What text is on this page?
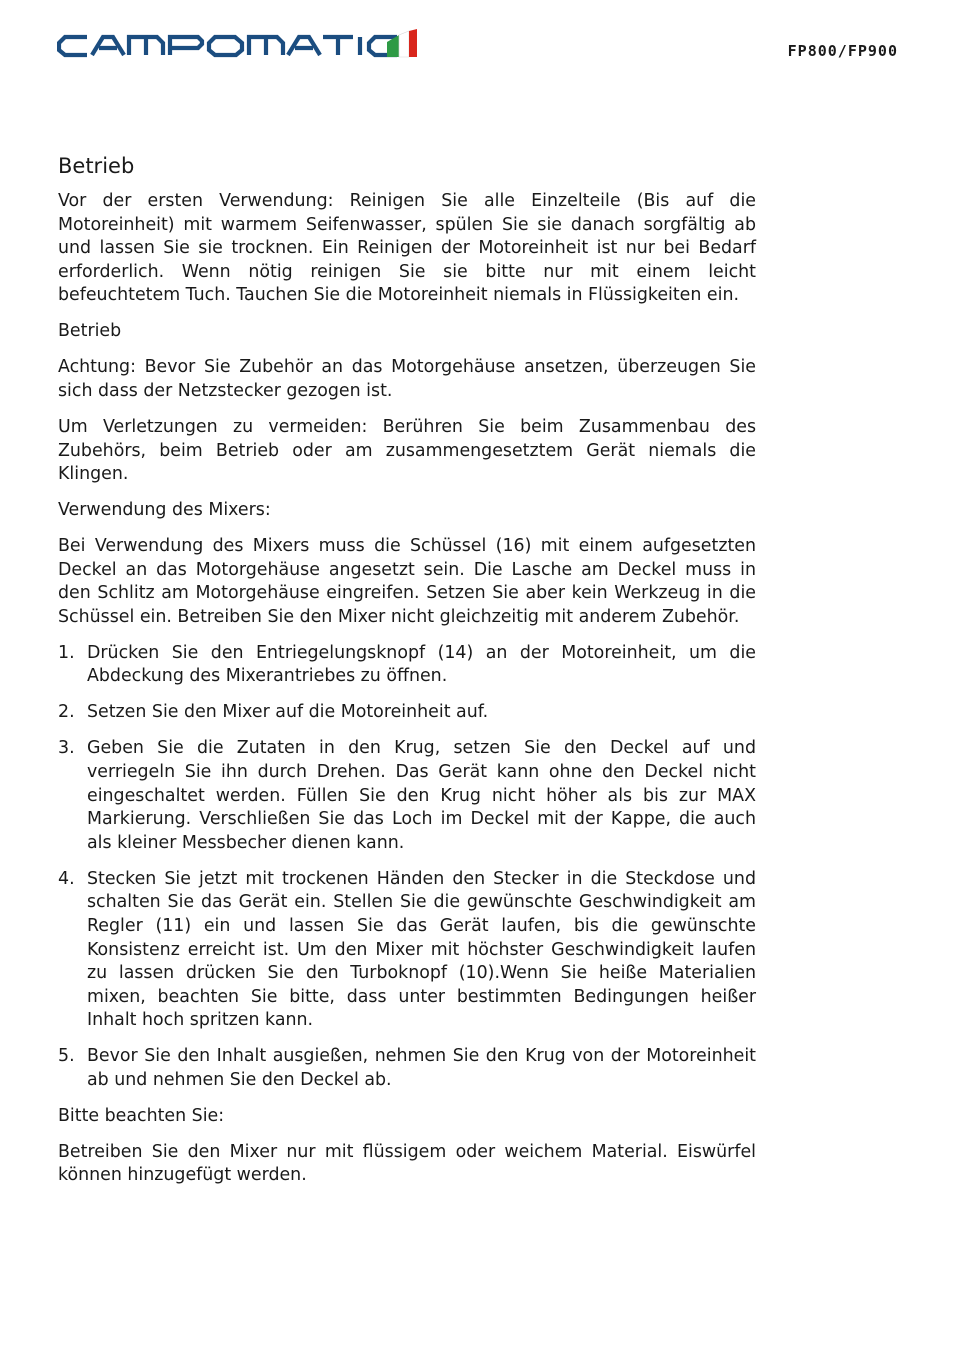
FP800/FP900
Betrieb

Vor der ersten Verwendung: Reinigen Sie alle Einzelteile (Bis auf die Motoreinheit) mit warmem Seifenwasser, spülen Sie sie danach sorgfältig ab und lassen Sie sie trocknen. Ein Reinigen der Motoreinheit ist nur bei Bedarf erforderlich. Wenn nötig reinigen Sie sie bitte nur mit einem leicht befeuchtetem Tuch. Tauchen Sie die Motoreinheit niemals in Flüssigkeiten ein.

Betrieb

Achtung: Bevor Sie Zubehör an das Motorgehäuse ansetzen, überzeugen Sie sich dass der Netzstecker gezogen ist.

Um Verletzungen zu vermeiden: Berühren Sie beim Zusammenbau des Zubehörs, beim Betrieb oder am zusammengesetztem Gerät niemals die Klingen.

Verwendung des Mixers:

Bei Verwendung des Mixers muss die Schüssel (16) mit einem aufgesetzten Deckel an das Motorgehäuse angesetzt sein. Die Lasche am Deckel muss in den Schlitz am Motorgehäuse eingreifen. Setzen Sie aber kein Werkzeug in die Schüssel ein. Betreiben Sie den Mixer nicht gleichzeitig mit anderem Zubehör.

1. Drücken Sie den Entriegelungsknopf (14) an der Motoreinheit, um die Abdeckung des Mixerantriebes zu öffnen.
2. Setzen Sie den Mixer auf die Motoreinheit auf.
3. Geben Sie die Zutaten in den Krug, setzen Sie den Deckel auf und verriegeln Sie ihn durch Drehen. Das Gerät kann ohne den Deckel nicht eingeschaltet werden. Füllen Sie den Krug nicht höher als bis zur MAX Markierung. Verschließen Sie das Loch im Deckel mit der Kappe, die auch als kleiner Messbecher dienen kann.
4. Stecken Sie jetzt mit trockenen Händen den Stecker in die Steckdose und schalten Sie das Gerät ein. Stellen Sie die gewünschte Geschwindigkeit am Regler (11) ein und lassen Sie das Gerät laufen, bis die gewünschte Konsistenz erreicht ist. Um den Mixer mit höchster Geschwindigkeit laufen zu lassen drücken Sie den Turboknopf (10).Wenn Sie heiße Materialien mixen, beachten Sie bitte, dass unter bestimmten Bedingungen heißer Inhalt hoch spritzen kann.
5. Bevor Sie den Inhalt ausgießen, nehmen Sie den Krug von der Motoreinheit ab und nehmen Sie den Deckel ab.

Bitte beachten Sie:

Betreiben Sie den Mixer nur mit flüssigem oder weichem Material. Eiswürfel können hinzugefügt werden.
